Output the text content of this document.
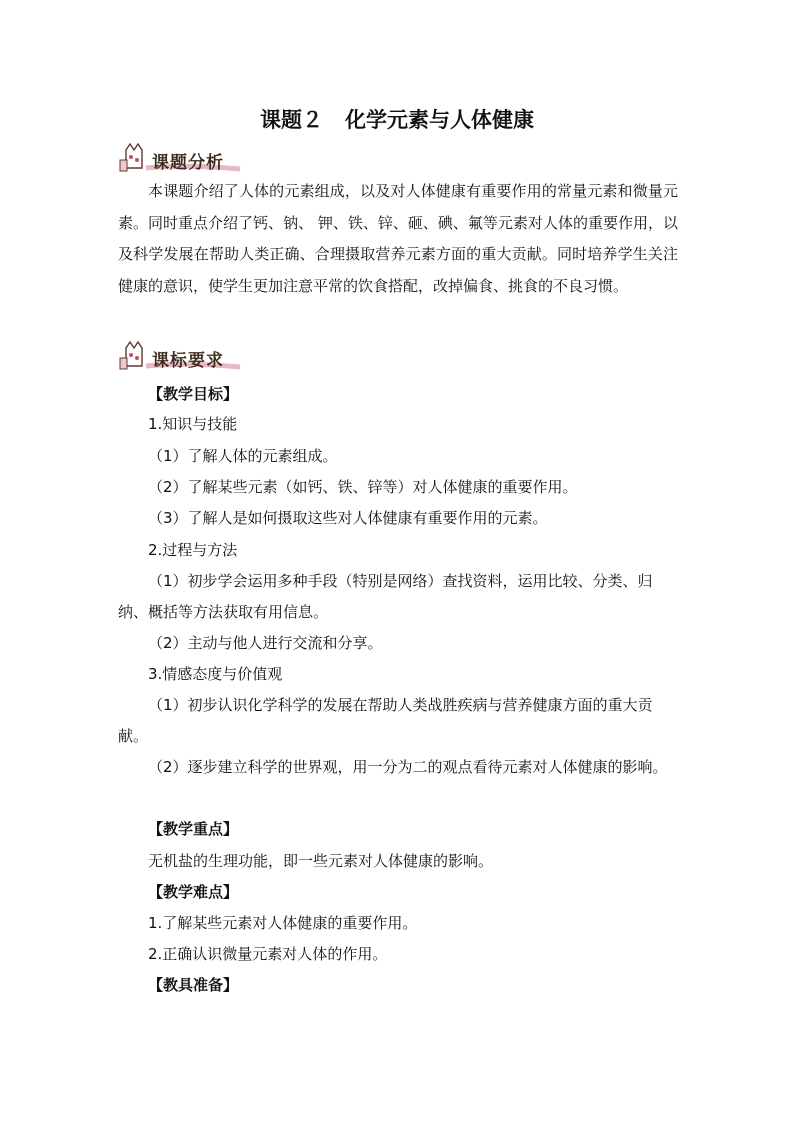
课题２ 化学元素与人体健康
课题分析
本课题介绍了人体的元素组成，以及对人体健康有重要作用的常量元素和微量元素。同时重点介绍了钙、钠、 钾、铁、锌、砸、碘、氟等元素对人体的重要作用，以及科学发展在帮助人类正确、合理摄取营养元素方面的重大贡献。同时培养学生关注健康的意识，使学生更加注意平常的饮食搭配，改掉偏食、挑食的不良习惯。
课标要求
【教学目标】
1.知识与技能
（1）了解人体的元素组成。
（2）了解某些元素（如钙、铁、锌等）对人体健康的重要作用。
（3）了解人是如何摄取这些对人体健康有重要作用的元素。
2.过程与方法
（1）初步学会运用多种手段（特别是网络）查找资料，运用比较、分类、归纳、概括等方法获取有用信息。
（2）主动与他人进行交流和分享。
3.情感态度与价值观
（1）初步认识化学科学的发展在帮助人类战胜疾病与营养健康方面的重大贡献。
（2）逐步建立科学的世界观，用一分为二的观点看待元素对人体健康的影响。
【教学重点】
无机盐的生理功能，即一些元素对人体健康的影响。
【教学难点】
1.了解某些元素对人体健康的重要作用。
2.正确认识微量元素对人体的作用。
【教具准备】
